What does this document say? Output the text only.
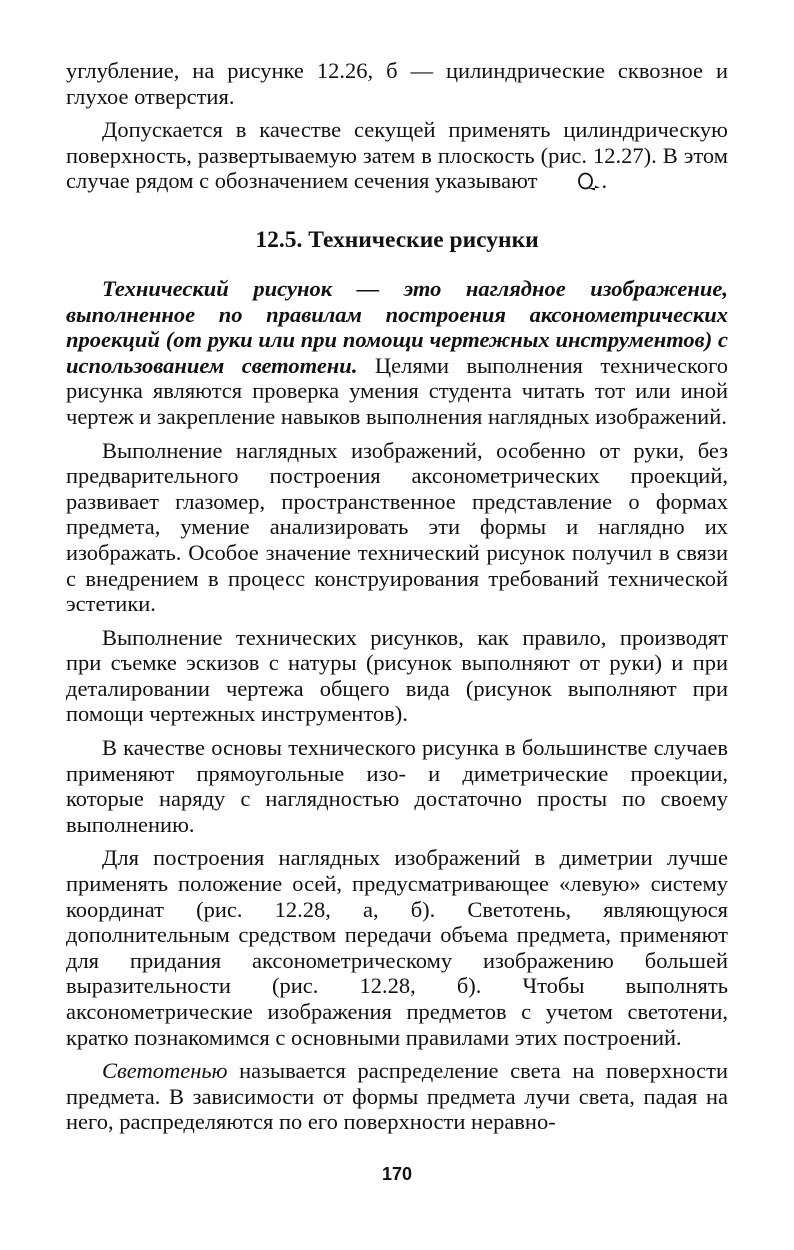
углубление, на рисунке 12.26, б — цилиндрические сквозное и глухое отверстия.

Допускается в качестве секущей применять цилиндрическую поверхность, развертываемую затем в плоскость (рис. 12.27). В этом случае рядом с обозначением сечения указывают	.

12.5. Технические рисунки

Технический рисунок — это наглядное изображение, выполненное по правилам построения аксонометрических проекций (от руки или при помощи чертежных инструментов) с использованием светотени. Целями выполнения технического рисунка являются проверка умения студента читать тот или иной чертеж и закрепление навыков выполнения наглядных изображений.

Выполнение наглядных изображений, особенно от руки, без предварительного построения аксонометрических проекций, развивает глазомер, пространственное представление о формах предмета, умение анализировать эти формы и наглядно их изображать. Особое значение технический рисунок получил в связи с внедрением в процесс конструирования требований технической эстетики.

Выполнение технических рисунков, как правило, производят при съемке эскизов с натуры (рисунок выполняют от руки) и при деталировании чертежа общего вида (рисунок выполняют при помощи чертежных инструментов).

В качестве основы технического рисунка в большинстве случаев применяют прямоугольные изо- и диметрические проекции, которые наряду с наглядностью достаточно просты по своему выполнению.

Для построения наглядных изображений в диметрии лучше применять положение осей, предусматривающее «левую» систему координат (рис. 12.28, а, б). Светотень, являющуюся дополнительным средством передачи объема предмета, применяют для придания аксонометрическому изображению большей выразительности (рис. 12.28, б). Чтобы выполнять аксонометрические изображения предметов с учетом светотени, кратко познакомимся с основными правилами этих построений.

Светотенью называется распределение света на поверхности предмета. В зависимости от формы предмета лучи света, падая на него, распределяются по его поверхности неравно-

170
